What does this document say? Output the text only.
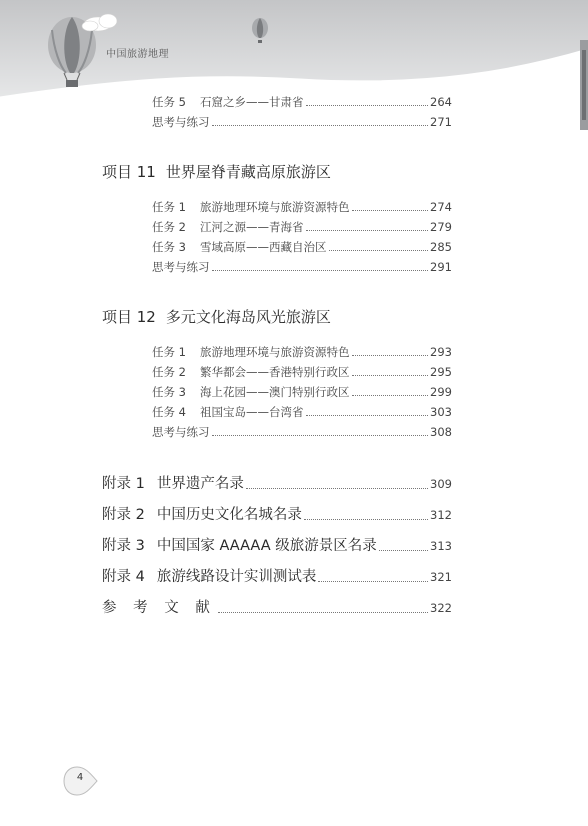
中国旅游地理
任务 5	石窟之乡——甘肃省	264
思考与练习	271
项目 11 世界屋脊青藏高原旅游区
任务 1	旅游地理环境与旅游资源特色	274
任务 2	江河之源——青海省	279
任务 3	雪域高原——西藏自治区	285
思考与练习	291
项目 12 多元文化海岛风光旅游区
任务 1	旅游地理环境与旅游资源特色	293
任务 2	繁华都会——香港特别行政区	295
任务 3	海上花园——澳门特别行政区	299
任务 4	祖国宝岛——台湾省	303
思考与练习	308
附录 1 世界遗产名录	309
附录 2 中国历史文化名城名录	312
附录 3 中国国家 AAAAA 级旅游景区名录	313
附录 4 旅游线路设计实训测试表	321
参 考 文 献	322
4
